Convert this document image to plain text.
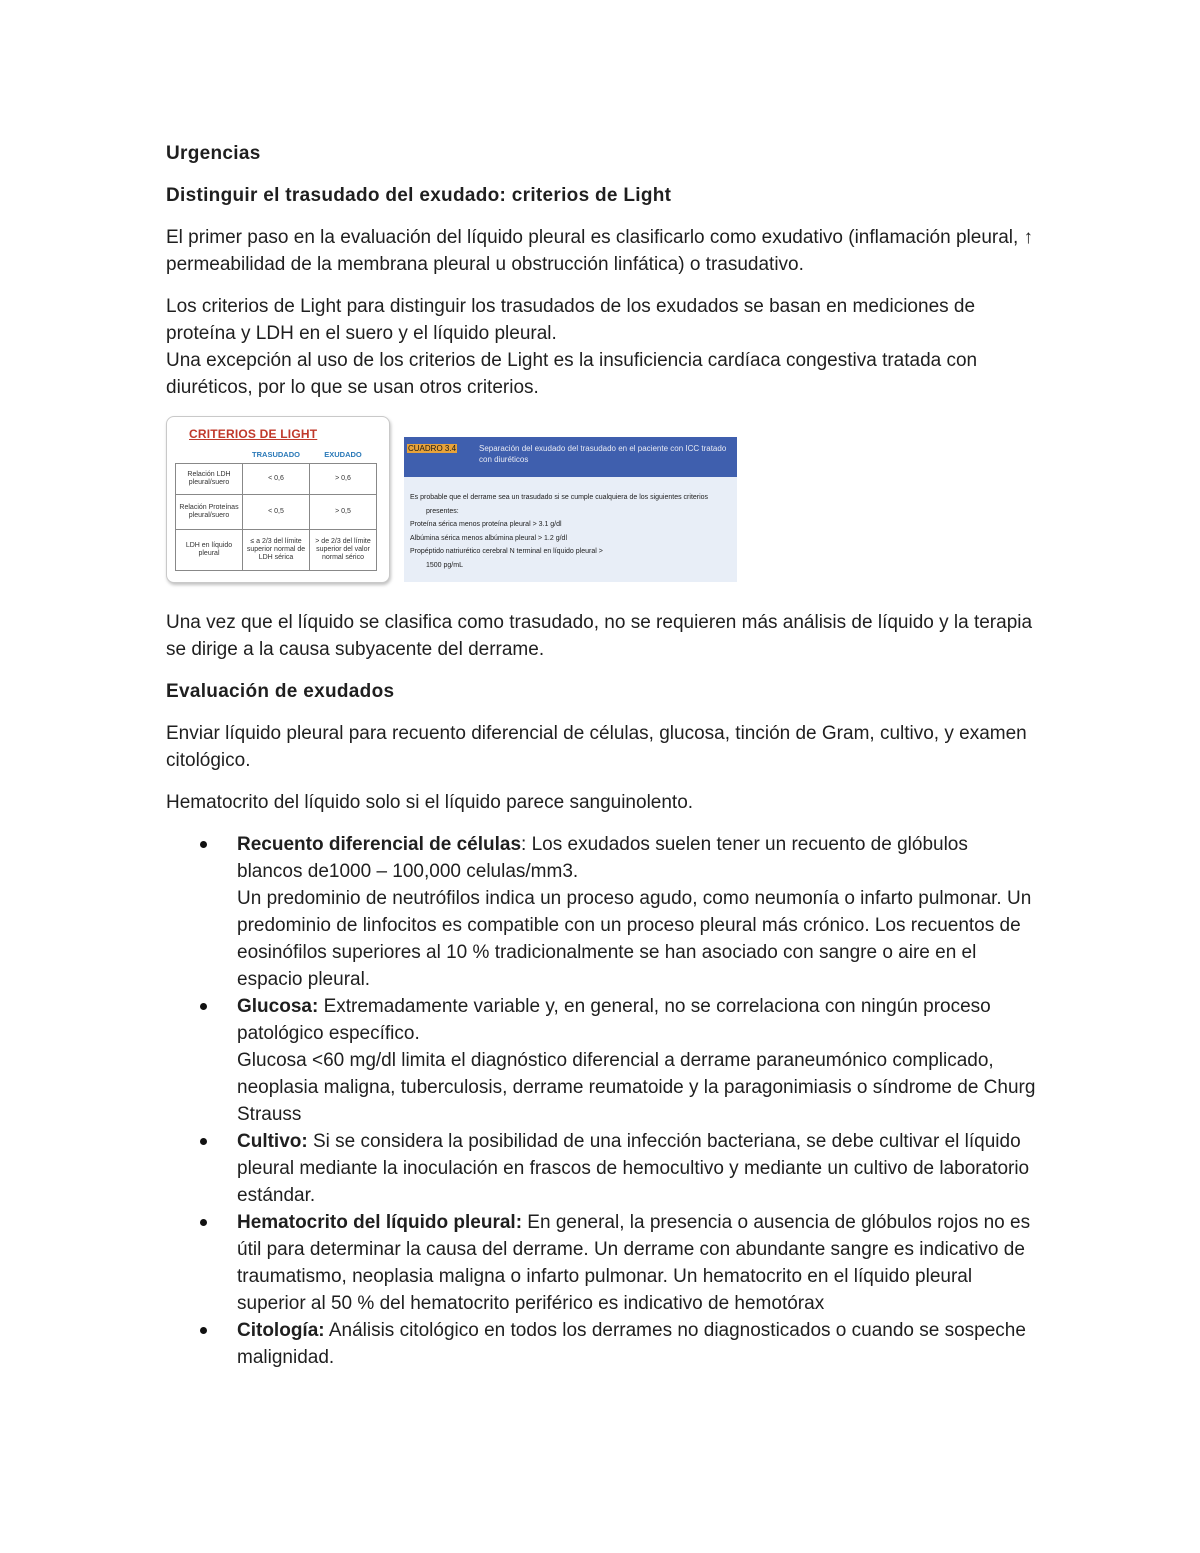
Urgencias
Distinguir el trasudado del exudado: criterios de Light

El primer paso en la evaluación del líquido pleural es clasificarlo como exudativo (inflamación pleural, ↑ permeabilidad de la membrana pleural u obstrucción linfática) o trasudativo.

Los criterios de Light para distinguir los trasudados de los exudados se basan en mediciones de proteína y LDH en el suero y el líquido pleural.

Una excepción al uso de los criterios de Light es la insuficiencia cardíaca congestiva tratada con diuréticos, por lo que se usan otros criterios.

CRITERIOS DE LIGHT
	TRASUDADO	EXUDADO
Relación LDH pleural/suero	< 0,6	> 0,6
Relación Proteínas pleural/suero	< 0,5	> 0,5
LDH en líquido pleural	≤ a 2/3 del límite superior normal de LDH sérica	> de 2/3 del límite superior del valor normal sérico
CUADRO 3.4	Separación del exudado del trasudado en el paciente con ICC tratado con diuréticos
Es probable que el derrame sea un trasudado si se cumple cualquiera de los siguientes criterios
presentes:
Proteína sérica menos proteína pleural > 3.1 g/dl
Albúmina sérica menos albúmina pleural > 1.2 g/dl
Propéptido natriurético cerebral N terminal en líquido pleural >
1500 pg/mL

Una vez que el líquido se clasifica como trasudado, no se requieren más análisis de líquido y la terapia se dirige a la causa subyacente del derrame.

Evaluación de exudados

Enviar líquido pleural para recuento diferencial de células, glucosa, tinción de Gram, cultivo, y examen citológico.

Hematocrito del líquido solo si el líquido parece sanguinolento.

Recuento diferencial de células: Los exudados suelen tener un recuento de glóbulos blancos de1000 – 100,000 celulas/mm3.
Un predominio de neutrófilos indica un proceso agudo, como neumonía o infarto pulmonar. Un predominio de linfocitos es compatible con un proceso pleural más crónico. Los recuentos de eosinófilos superiores al 10 % tradicionalmente se han asociado con sangre o aire en el espacio pleural.
Glucosa: Extremadamente variable y, en general, no se correlaciona con ningún proceso patológico específico.
Glucosa <60 mg/dl limita el diagnóstico diferencial a derrame paraneumónico complicado, neoplasia maligna, tuberculosis, derrame reumatoide y la paragonimiasis o síndrome de Churg Strauss
Cultivo: Si se considera la posibilidad de una infección bacteriana, se debe cultivar el líquido pleural mediante la inoculación en frascos de hemocultivo y mediante un cultivo de laboratorio estándar.
Hematocrito del líquido pleural: En general, la presencia o ausencia de glóbulos rojos no es útil para determinar la causa del derrame. Un derrame con abundante sangre es indicativo de traumatismo, neoplasia maligna o infarto pulmonar. Un hematocrito en el líquido pleural superior al 50 % del hematocrito periférico es indicativo de hemotórax
Citología: Análisis citológico en todos los derrames no diagnosticados o cuando se sospeche malignidad.
